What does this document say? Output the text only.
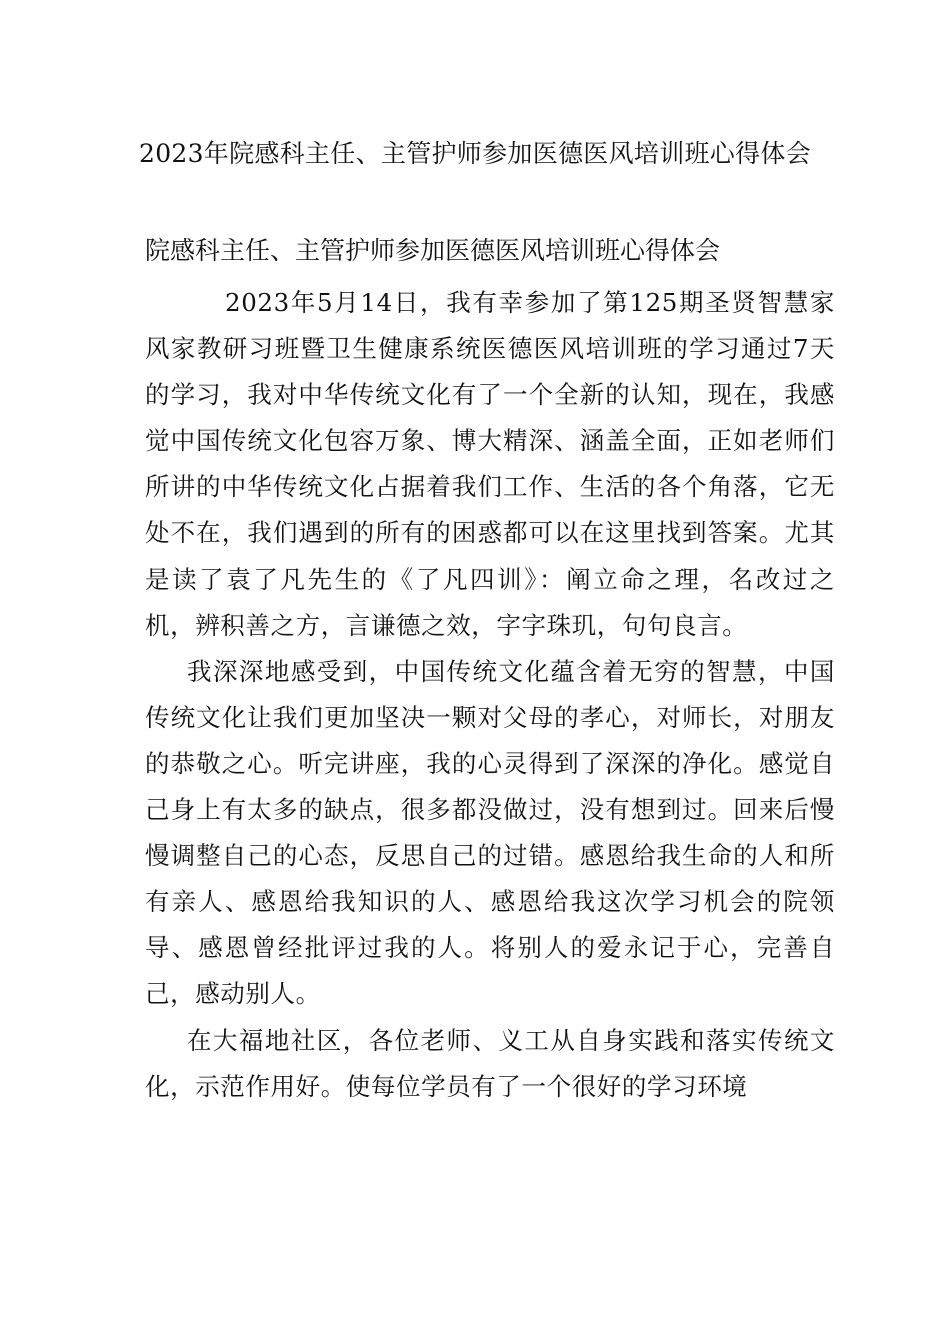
2023年院感科主任、主管护师参加医德医风培训班心得体会
院感科主任、主管护师参加医德医风培训班心得体会

2023年5月14日，我有幸参加了第125期圣贤智慧家风家教研习班暨卫生健康系统医德医风培训班的学习通过7天的学习，我对中华传统文化有了一个全新的认知，现在，我感觉中国传统文化包容万象、博大精深、涵盖全面，正如老师们所讲的中华传统文化占据着我们工作、生活的各个角落，它无处不在，我们遇到的所有的困惑都可以在这里找到答案。尤其是读了袁了凡先生的《了凡四训》：阐立命之理，名改过之机，辨积善之方，言谦德之效，字字珠玑，句句良言。

我深深地感受到，中国传统文化蕴含着无穷的智慧，中国传统文化让我们更加坚决一颗对父母的孝心，对师长，对朋友的恭敬之心。听完讲座，我的心灵得到了深深的净化。感觉自己身上有太多的缺点，很多都没做过，没有想到过。回来后慢慢调整自己的心态，反思自己的过错。感恩给我生命的人和所有亲人、感恩给我知识的人、感恩给我这次学习机会的院领导、感恩曾经批评过我的人。将别人的爱永记于心，完善自己，感动别人。

在大福地社区，各位老师、义工从自身实践和落实传统文化，示范作用好。使每位学员有了一个很好的学习环境
